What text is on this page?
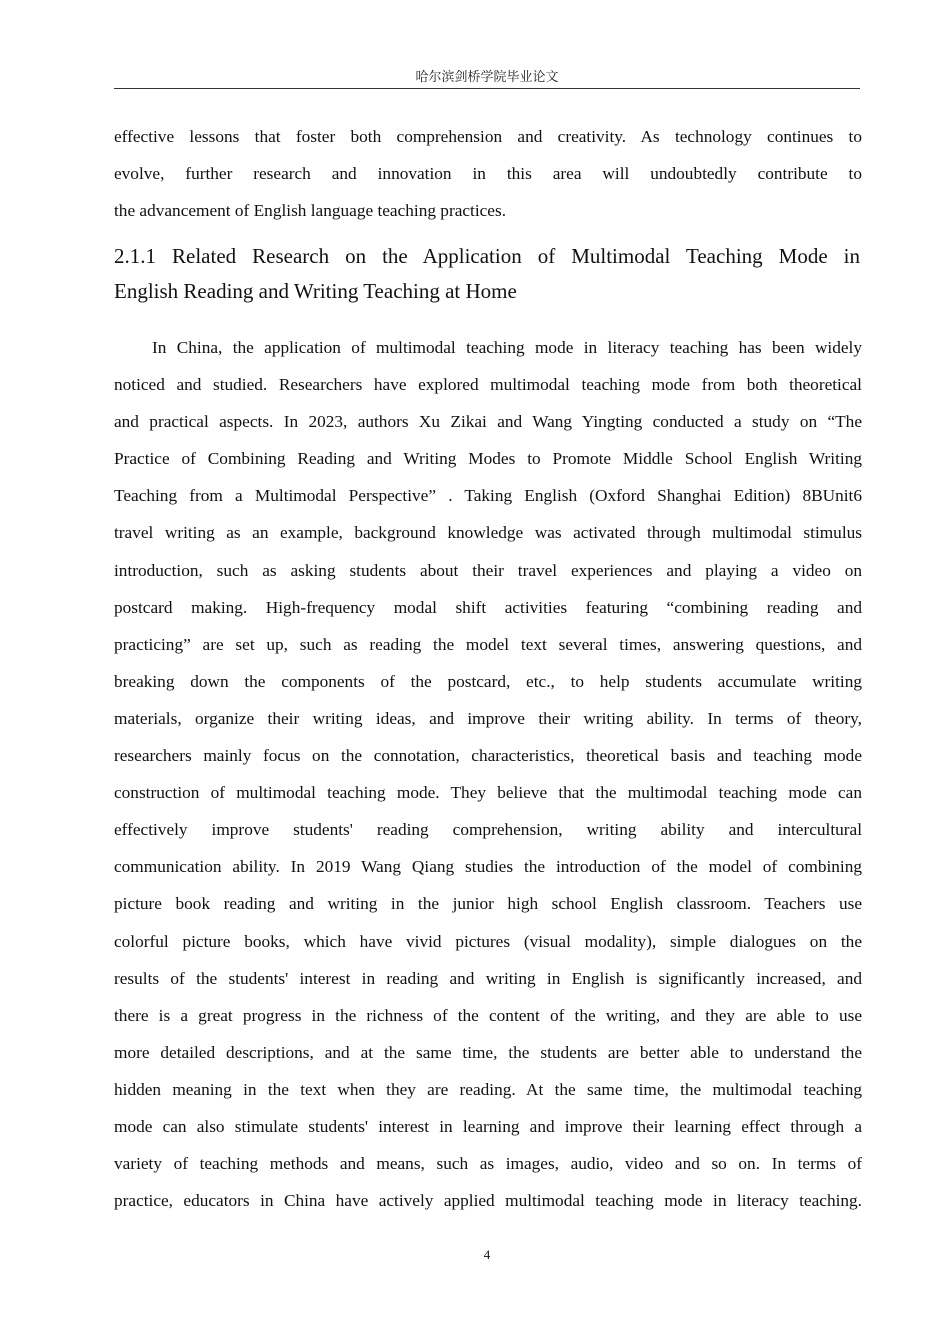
哈尔滨剑桥学院毕业论文
effective lessons that foster both comprehension and creativity. As technology continues to
evolve, further research and innovation in this area will undoubtedly contribute to
the advancement of English language teaching practices.
2.1.1 Related Research on the Application of Multimodal Teaching Mode in
English Reading and Writing Teaching at Home
In China, the application of multimodal teaching mode in literacy teaching has been widely
noticed and studied. Researchers have explored multimodal teaching mode from both theoretical
and practical aspects. In 2023, authors Xu Zikai and Wang Yingting conducted a study on “The
Practice of Combining Reading and Writing Modes to Promote Middle School English Writing
Teaching from a Multimodal Perspective” . Taking English (Oxford Shanghai Edition) 8BUnit6
travel writing as an example, background knowledge was activated through multimodal stimulus
introduction, such as asking students about their travel experiences and playing a video on
postcard making. High-frequency modal shift activities featuring “combining reading and
practicing” are set up, such as reading the model text several times, answering questions, and
breaking down the components of the postcard, etc., to help students accumulate writing
materials, organize their writing ideas, and improve their writing ability. In terms of theory,
researchers mainly focus on the connotation, characteristics, theoretical basis and teaching mode
construction of multimodal teaching mode. They believe that the multimodal teaching mode can
effectively improve students' reading comprehension, writing ability and intercultural
communication ability. In 2019 Wang Qiang studies the introduction of the model of combining
picture book reading and writing in the junior high school English classroom. Teachers use
colorful picture books, which have vivid pictures (visual modality), simple dialogues on the
results of the students' interest in reading and writing in English is significantly increased, and
there is a great progress in the richness of the content of the writing, and they are able to use
more detailed descriptions, and at the same time, the students are better able to understand the
hidden meaning in the text when they are reading. At the same time, the multimodal teaching
mode can also stimulate students' interest in learning and improve their learning effect through a
variety of teaching methods and means, such as images, audio, video and so on. In terms of
practice, educators in China have actively applied multimodal teaching mode in literacy teaching.
4
